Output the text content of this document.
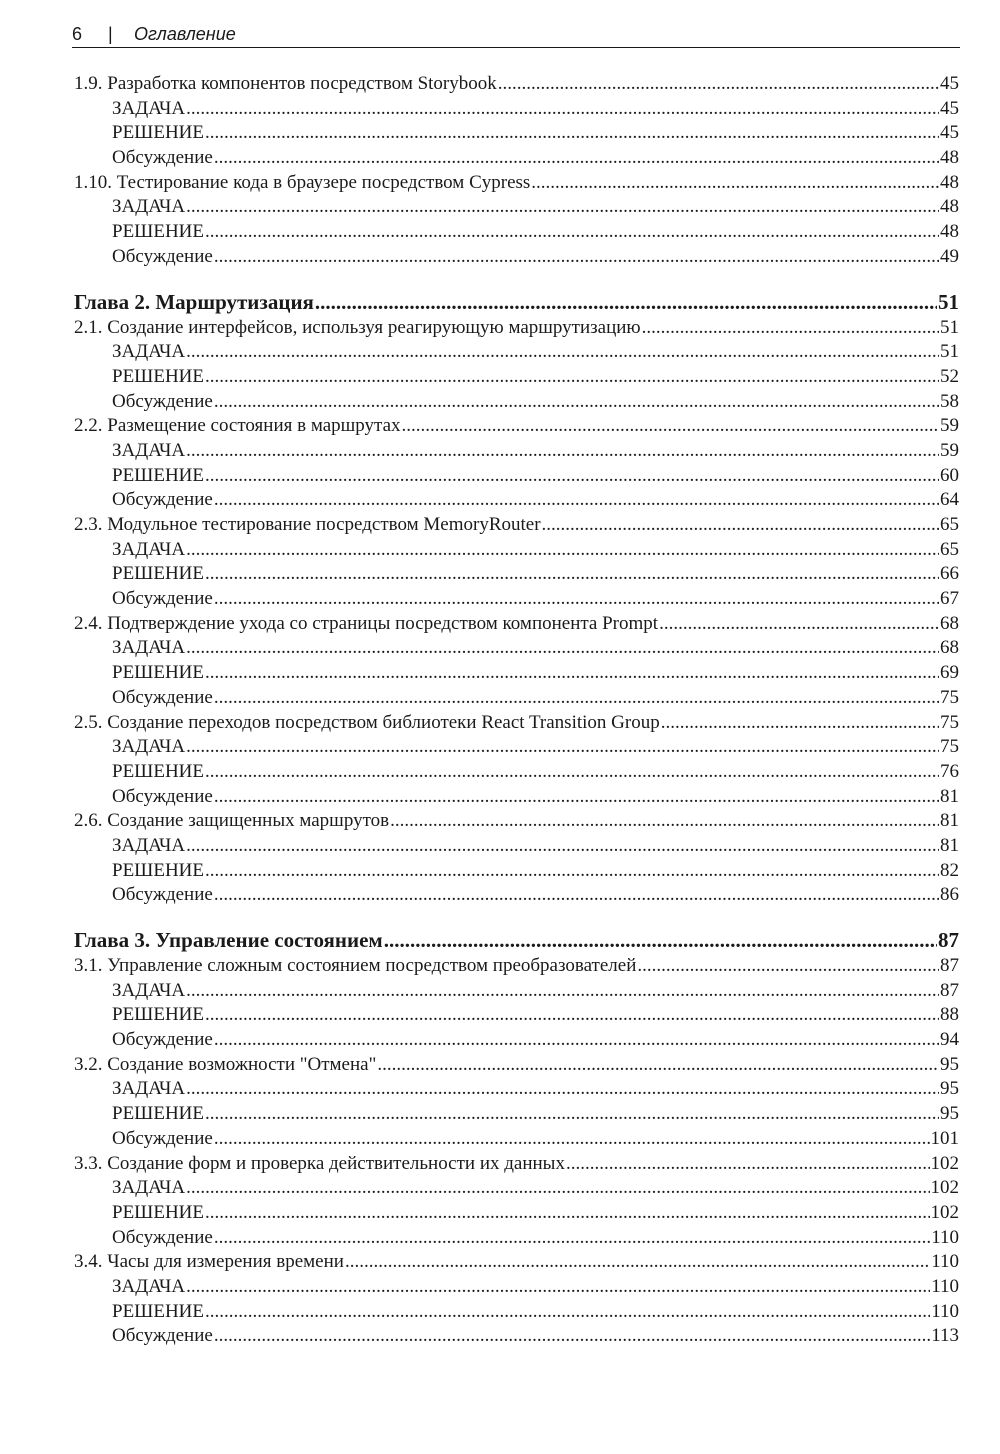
6 | Оглавление
1.9. Разработка компонентов посредством Storybook .....	45
ЗАДАЧА .....	45
РЕШЕНИЕ .....	45
Обсуждение .....	48
1.10. Тестирование кода в браузере посредством Cypress .....	48
ЗАДАЧА .....	48
РЕШЕНИЕ .....	48
Обсуждение .....	49
Глава 2. Маршрутизация .....	51
2.1. Создание интерфейсов, используя реагирующую маршрутизацию .....	51
ЗАДАЧА .....	51
РЕШЕНИЕ .....	52
Обсуждение .....	58
2.2. Размещение состояния в маршрутах .....	59
ЗАДАЧА .....	59
РЕШЕНИЕ .....	60
Обсуждение .....	64
2.3. Модульное тестирование посредством MemoryRouter .....	65
ЗАДАЧА .....	65
РЕШЕНИЕ .....	66
Обсуждение .....	67
2.4. Подтверждение ухода со страницы посредством компонента Prompt .....	68
ЗАДАЧА .....	68
РЕШЕНИЕ .....	69
Обсуждение .....	75
2.5. Создание переходов посредством библиотеки React Transition Group .....	75
ЗАДАЧА .....	75
РЕШЕНИЕ .....	76
Обсуждение .....	81
2.6. Создание защищенных маршрутов .....	81
ЗАДАЧА .....	81
РЕШЕНИЕ .....	82
Обсуждение .....	86
Глава 3. Управление состоянием .....	87
3.1. Управление сложным состоянием посредством преобразователей .....	87
ЗАДАЧА .....	87
РЕШЕНИЕ .....	88
Обсуждение .....	94
3.2. Создание возможности "Отмена" .....	95
ЗАДАЧА .....	95
РЕШЕНИЕ .....	95
Обсуждение .....	101
3.3. Создание форм и проверка действительности их данных .....	102
ЗАДАЧА .....	102
РЕШЕНИЕ .....	102
Обсуждение .....	110
3.4. Часы для измерения времени .....	110
ЗАДАЧА .....	110
РЕШЕНИЕ .....	110
Обсуждение .....	113
